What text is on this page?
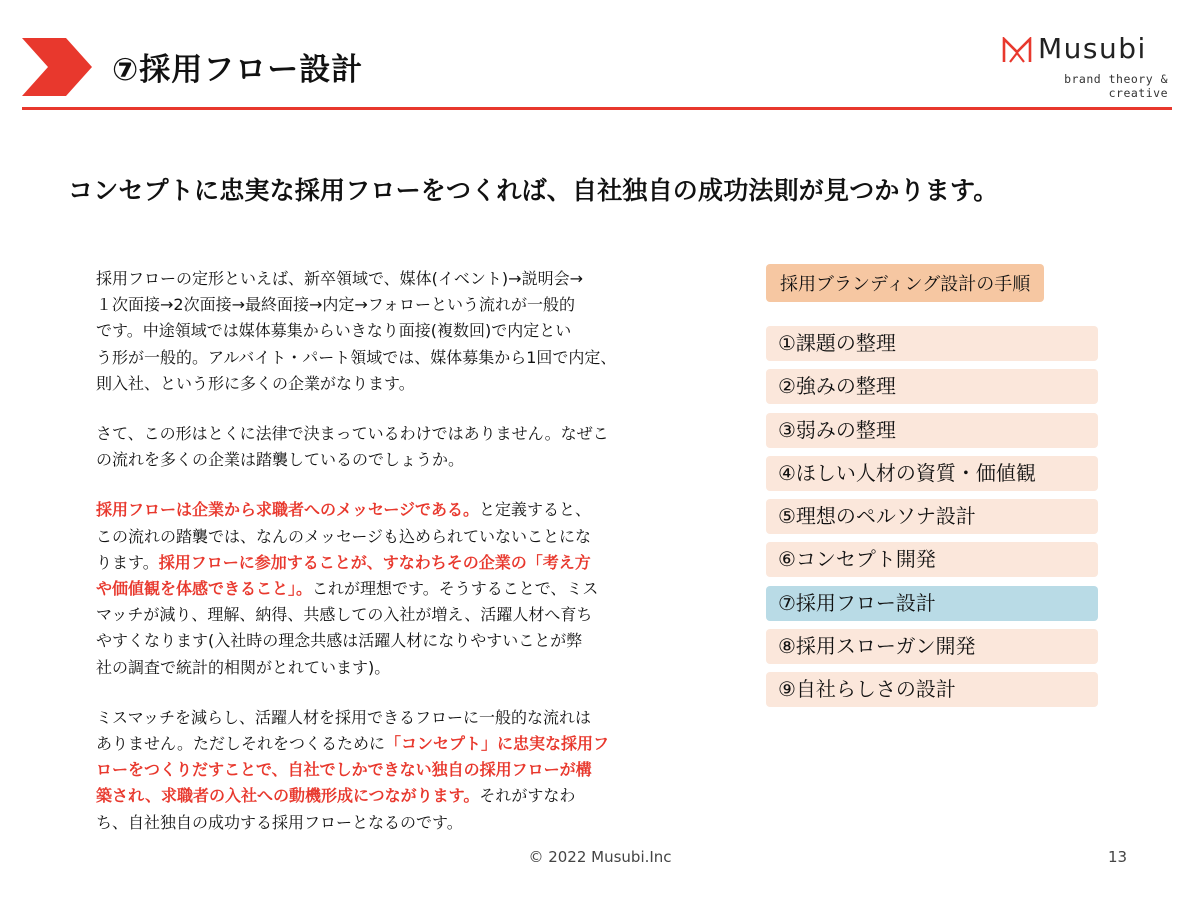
⑦採用フロー設計
Musubi
brand theory & creative
コンセプトに忠実な採用フローをつくれば、自社独自の成功法則が見つかります。

採用フローの定形といえば、新卒領域で、媒体(イベント)→説明会→
１次面接→2次面接→最終面接→内定→フォローという流れが一般的
です。中途領域では媒体募集からいきなり面接(複数回)で内定とい
う形が一般的。アルバイト・パート領域では、媒体募集から1回で内定、
則入社、という形に多くの企業がなります。

さて、この形はとくに法律で決まっているわけではありません。なぜこ
の流れを多くの企業は踏襲しているのでしょうか。

採用フローは企業から求職者へのメッセージである。と定義すると、
この流れの踏襲では、なんのメッセージも込められていないことにな
ります。採用フローに参加することが、すなわちその企業の「考え方
や価値観を体感できること」。これが理想です。そうすることで、ミス
マッチが減り、理解、納得、共感しての入社が増え、活躍人材へ育ち
やすくなります(入社時の理念共感は活躍人材になりやすいことが弊
社の調査で統計的相関がとれています)。

ミスマッチを減らし、活躍人材を採用できるフローに一般的な流れは
ありません。ただしそれをつくるために「コンセプト」に忠実な採用フ
ローをつくりだすことで、自社でしかできない独自の採用フローが構
築され、求職者の入社への動機形成につながります。それがすなわ
ち、自社独自の成功する採用フローとなるのです。

採用ブランディング設計の手順
①課題の整理
②強みの整理
③弱みの整理
④ほしい人材の資質・価値観
⑤理想のペルソナ設計
⑥コンセプト開発
⑦採用フロー設計
⑧採用スローガン開発
⑨自社らしさの設計
© 2022 Musubi.Inc	13
